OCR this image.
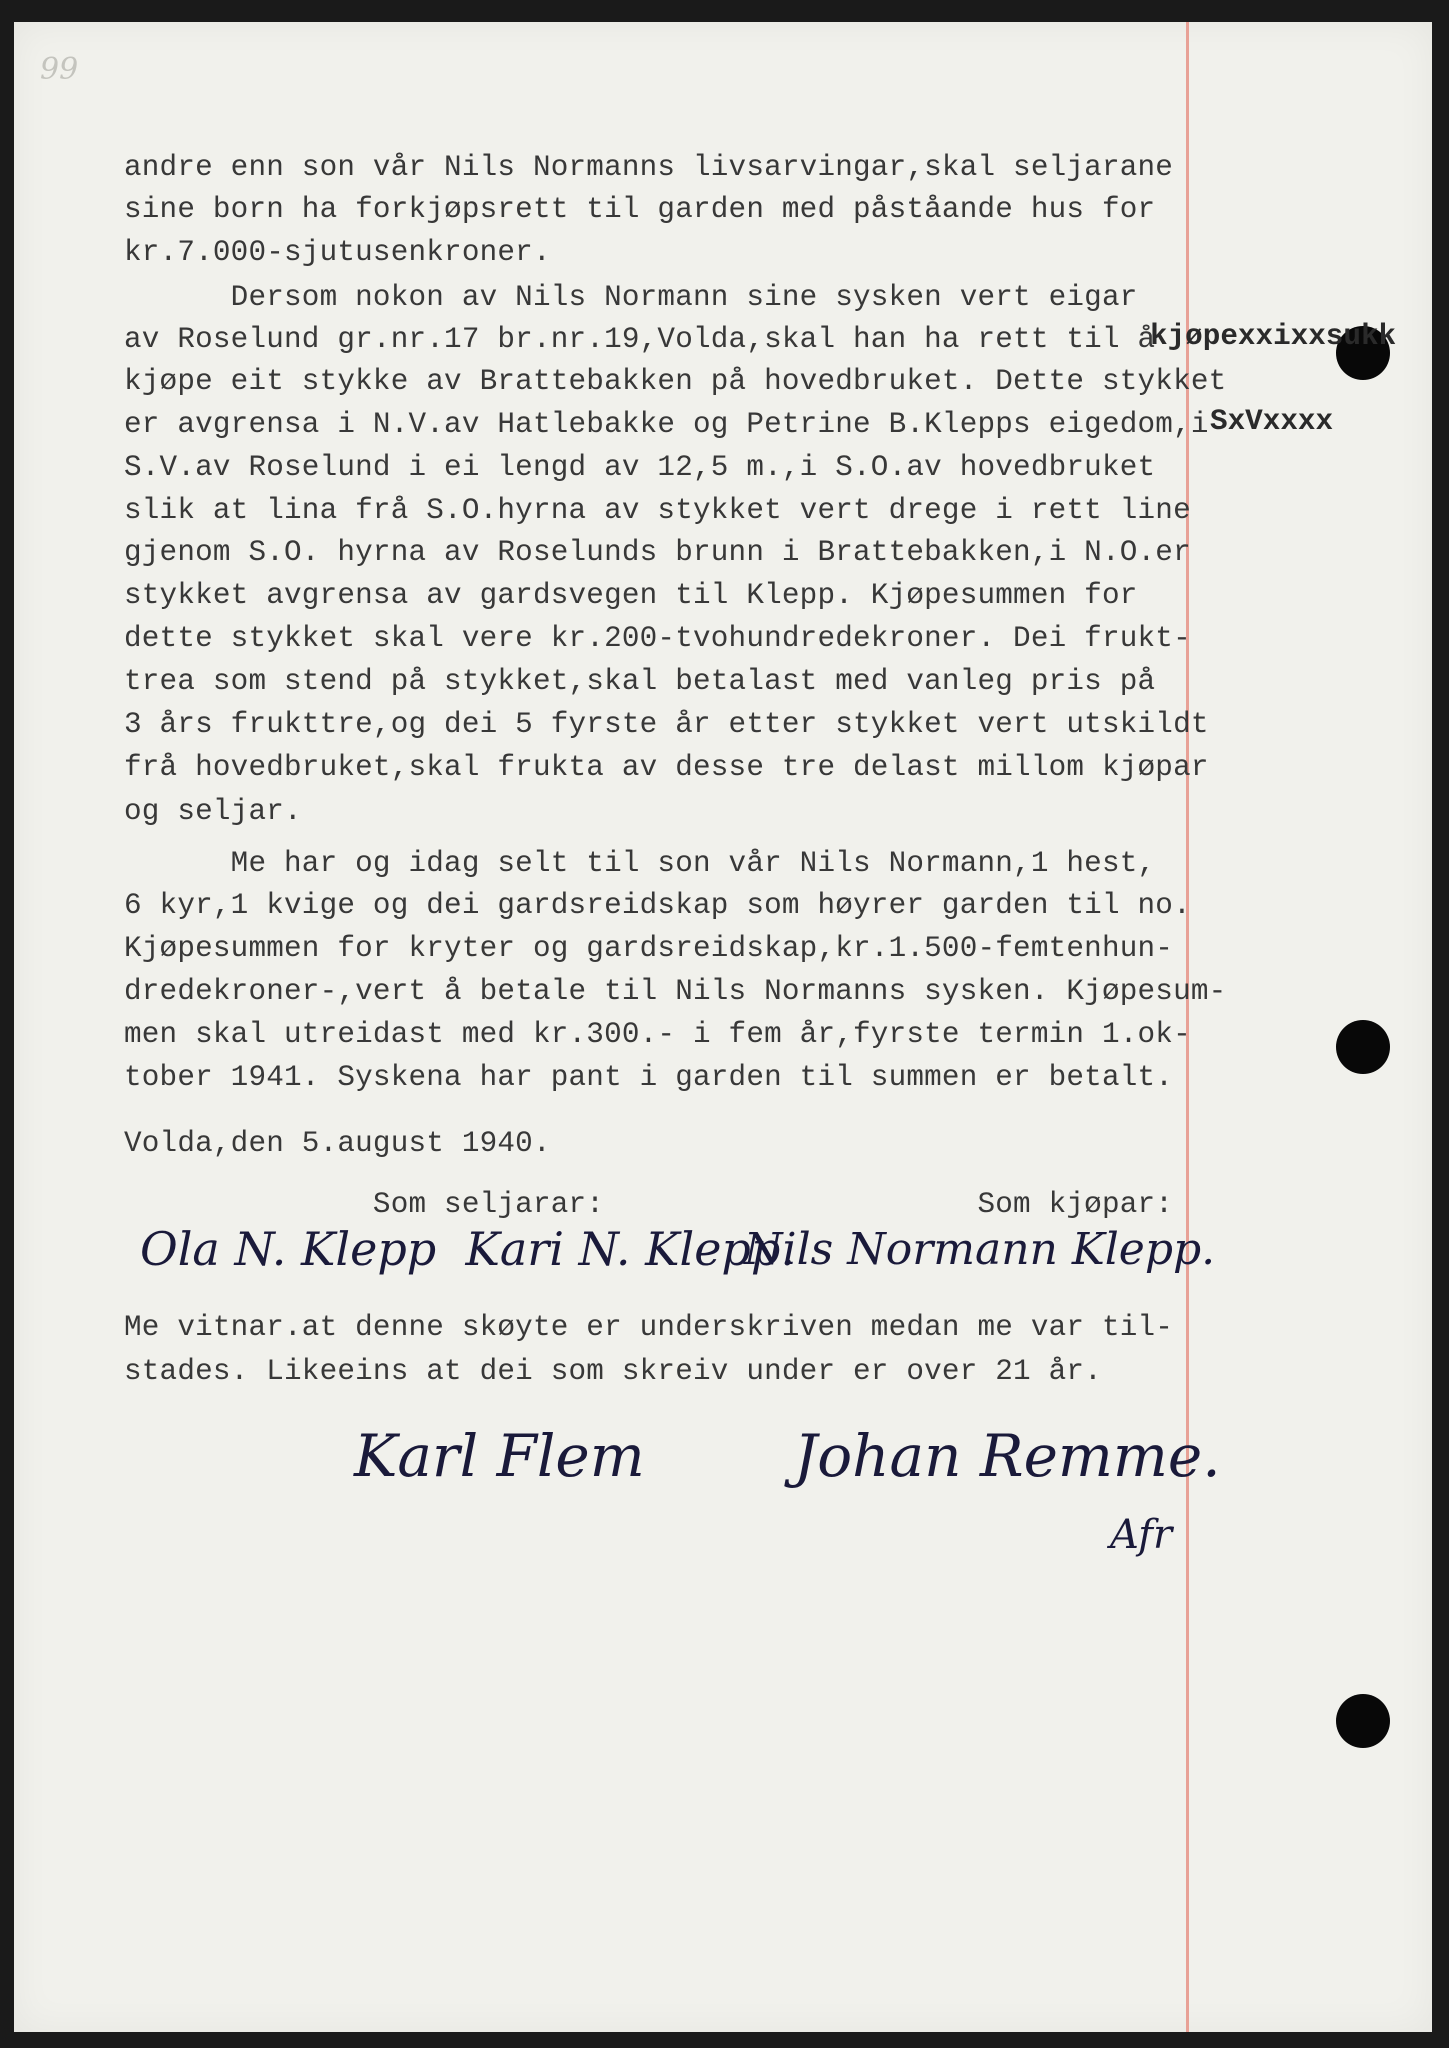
99
andre enn son vår Nils Normanns livsarvingar,skal seljarane
sine born ha forkjøpsrett til garden med påståande hus for
kr.7.000-sjutusenkroner.
Dersom nokon av Nils Normann sine sysken vert eigar
av Roselund gr.nr.17 br.nr.19,Volda,skal han ha rett til å
kjøpe eit stykke av Brattebakken på hovedbruket. Dette stykket
er avgrensa i N.V.av Hatlebakke og Petrine B.Klepps eigedom,i
S.V.av Roselund i ei lengd av 12,5 m.,i S.O.av hovedbruket
slik at lina frå S.O.hyrna av stykket vert drege i rett line
gjenom S.O. hyrna av Roselunds brunn i Brattebakken,i N.O.er
stykket avgrensa av gardsvegen til Klepp. Kjøpesummen for
dette stykket skal vere kr.200-tvohundredekroner. Dei frukt-
trea som stend på stykket,skal betalast med vanleg pris på
3 års frukttre,og dei 5 fyrste år etter stykket vert utskildt
frå hovedbruket,skal frukta av desse tre delast millom kjøpar
og seljar.
Me har og idag selt til son vår Nils Normann,1 hest,
6 kyr,1 kvige og dei gardsreidskap som høyrer garden til no.
Kjøpesummen for kryter og gardsreidskap,kr.1.500-femtenhun-
dredekroner-,vert å betale til Nils Normanns sysken. Kjøpesum-
men skal utreidast med kr.300.- i fem år,fyrste termin 1.ok-
tober 1941. Syskena har pant i garden til summen er betalt.
Volda,den 5.august 1940.
Som seljarar:                     Som kjøpar:
Me vitnar.at denne skøyte er underskriven medan me var til-
stades. Likeeins at dei som skreiv under er over 21 år.
kjøpexxixxsukk
SxVxxxx
Ola N. Klepp  Kari N. Klepp.
Nils Normann Klepp.
Karl Flem	Johan Remme.
Afr
